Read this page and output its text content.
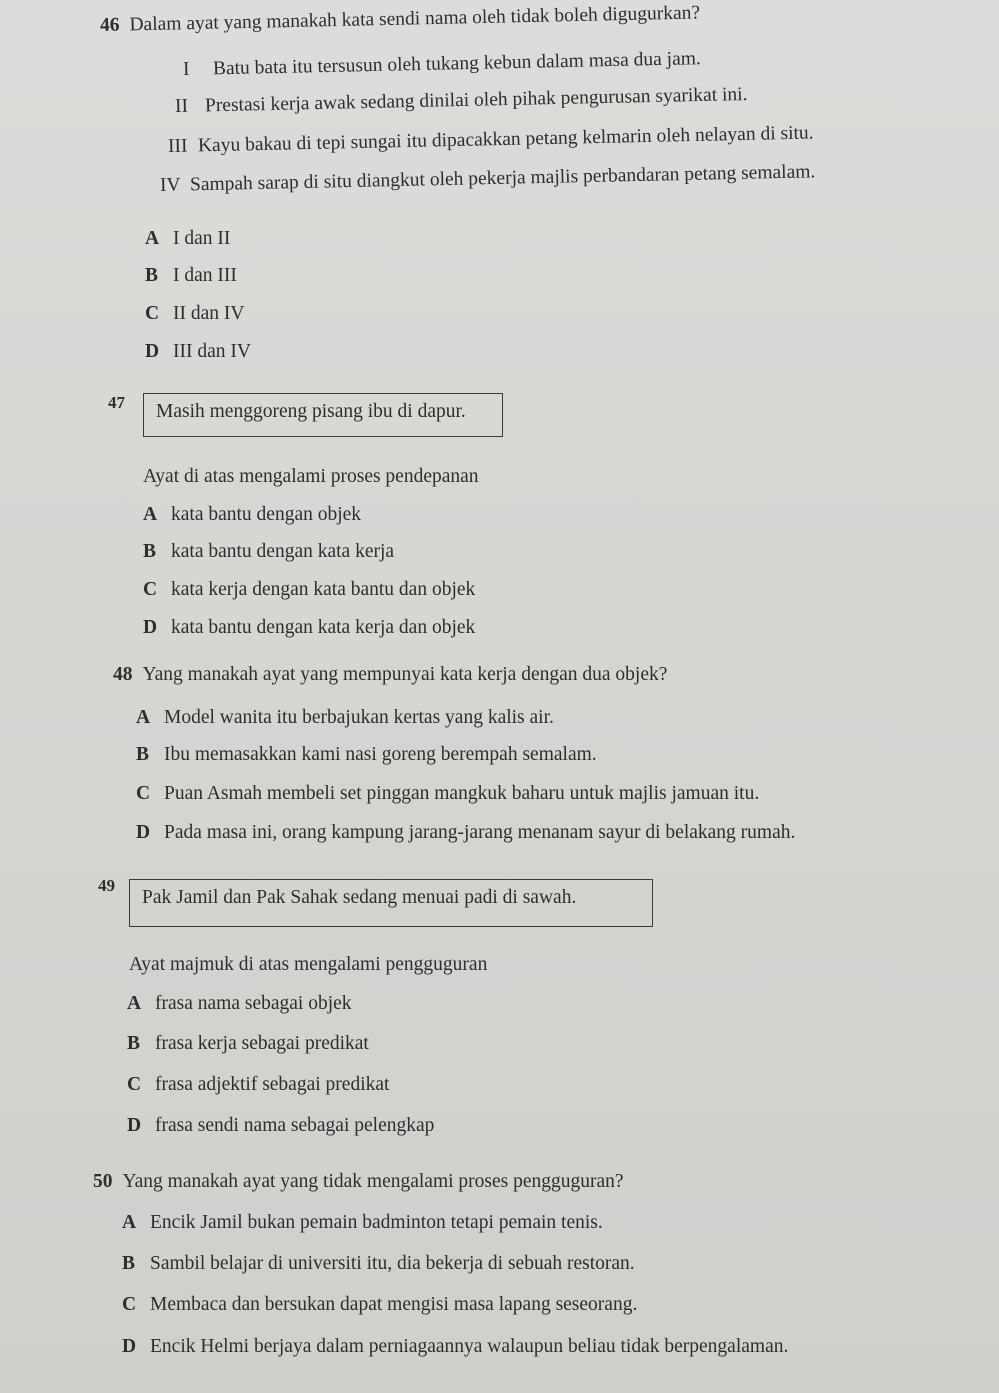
46 Dalam ayat yang manakah kata sendi nama oleh tidak boleh digugurkan?
I Batu bata itu tersusun oleh tukang kebun dalam masa dua jam.
II Prestasi kerja awak sedang dinilai oleh pihak pengurusan syarikat ini.
III Kayu bakau di tepi sungai itu dipacakkan petang kelmarin oleh nelayan di situ.
IV Sampah sarap di situ diangkut oleh pekerja majlis perbandaran petang semalam.
A I dan II
B I dan III
C II dan IV
D III dan IV
47	Masih menggoreng pisang ibu di dapur.
Ayat di atas mengalami proses pendepanan
A kata bantu dengan objek
B kata bantu dengan kata kerja
C kata kerja dengan kata bantu dan objek
D kata bantu dengan kata kerja dan objek
48 Yang manakah ayat yang mempunyai kata kerja dengan dua objek?
A Model wanita itu berbajukan kertas yang kalis air.
B Ibu memasakkan kami nasi goreng berempah semalam.
C Puan Asmah membeli set pinggan mangkuk baharu untuk majlis jamuan itu.
D Pada masa ini, orang kampung jarang-jarang menanam sayur di belakang rumah.
49
Pak Jamil dan Pak Sahak sedang menuai padi di sawah.
Ayat majmuk di atas mengalami pengguguran
A frasa nama sebagai objek
B frasa kerja sebagai predikat
C frasa adjektif sebagai predikat
D frasa sendi nama sebagai pelengkap
50 Yang manakah ayat yang tidak mengalami proses pengguguran?
A Encik Jamil bukan pemain badminton tetapi pemain tenis.
B Sambil belajar di universiti itu, dia bekerja di sebuah restoran.
C Membaca dan bersukan dapat mengisi masa lapang seseorang.
D Encik Helmi berjaya dalam perniagaannya walaupun beliau tidak berpengalaman.
